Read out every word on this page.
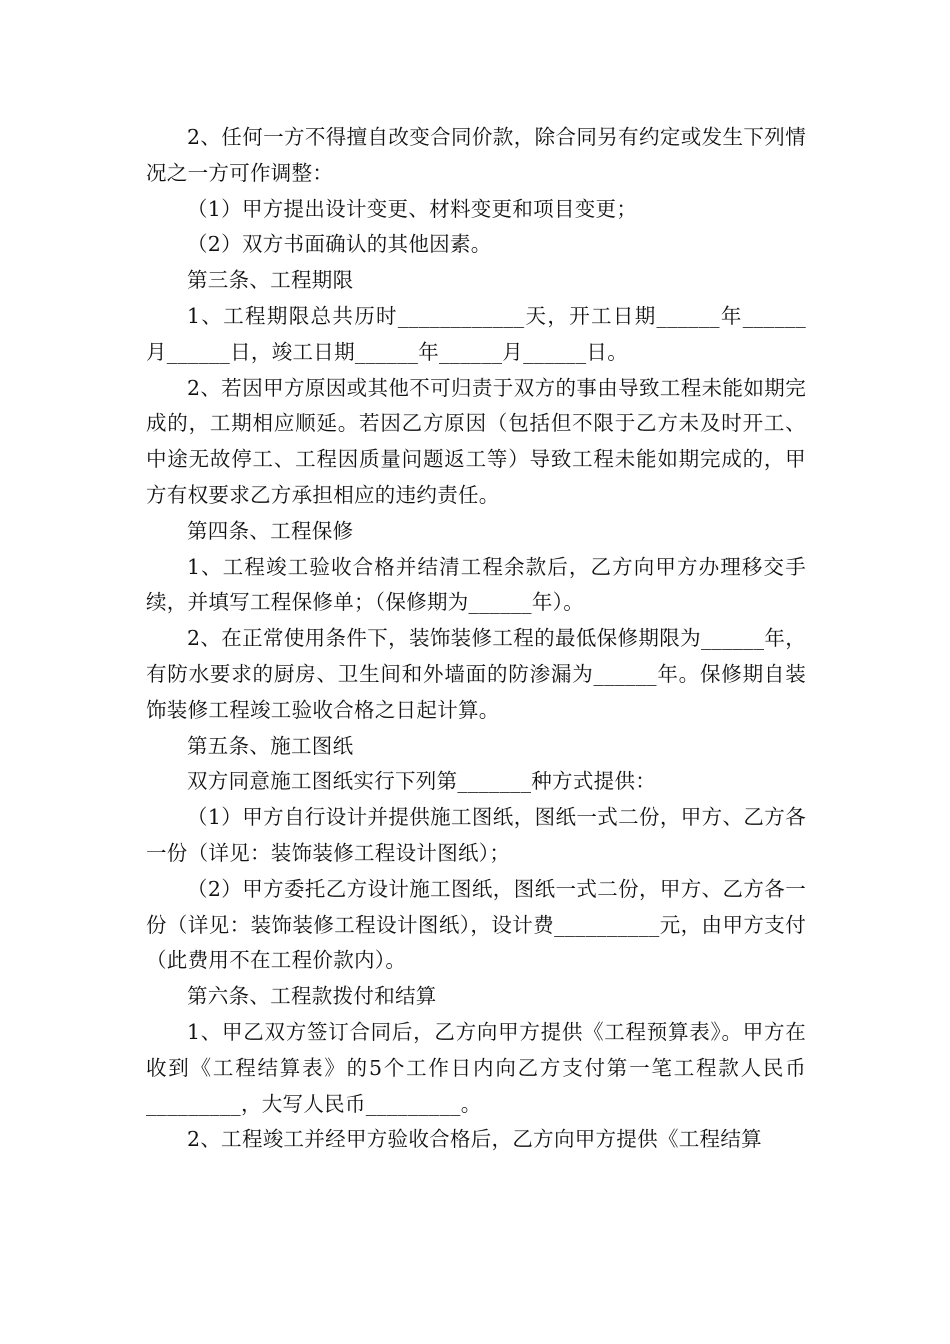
2、任何一方不得擅自改变合同价款，除合同另有约定或发生下列情况之一方可作调整：

（1）甲方提出设计变更、材料变更和项目变更；

（2）双方书面确认的其他因素。

第三条、工程期限

1、工程期限总共历时____________天，开工日期______年______月______日，竣工日期______年______月______日。

2、若因甲方原因或其他不可归责于双方的事由导致工程未能如期完成的，工期相应顺延。若因乙方原因（包括但不限于乙方未及时开工、中途无故停工、工程因质量问题返工等）导致工程未能如期完成的，甲方有权要求乙方承担相应的违约责任。

第四条、工程保修

1、工程竣工验收合格并结清工程余款后，乙方向甲方办理移交手续，并填写工程保修单；（保修期为______年）。

2、在正常使用条件下，装饰装修工程的最低保修期限为______年，有防水要求的厨房、卫生间和外墙面的防渗漏为______年。保修期自装饰装修工程竣工验收合格之日起计算。

第五条、施工图纸

双方同意施工图纸实行下列第_______种方式提供：

（1）甲方自行设计并提供施工图纸，图纸一式二份，甲方、乙方各一份（详见：装饰装修工程设计图纸）；

（2）甲方委托乙方设计施工图纸，图纸一式二份，甲方、乙方各一份（详见：装饰装修工程设计图纸），设计费__________元，由甲方支付（此费用不在工程价款内）。

第六条、工程款拨付和结算

1、甲乙双方签订合同后，乙方向甲方提供《工程预算表》。甲方在收到《工程结算表》的5个工作日内向乙方支付第一笔工程款人民币_________，大写人民币_________。

2、工程竣工并经甲方验收合格后，乙方向甲方提供《工程结算
